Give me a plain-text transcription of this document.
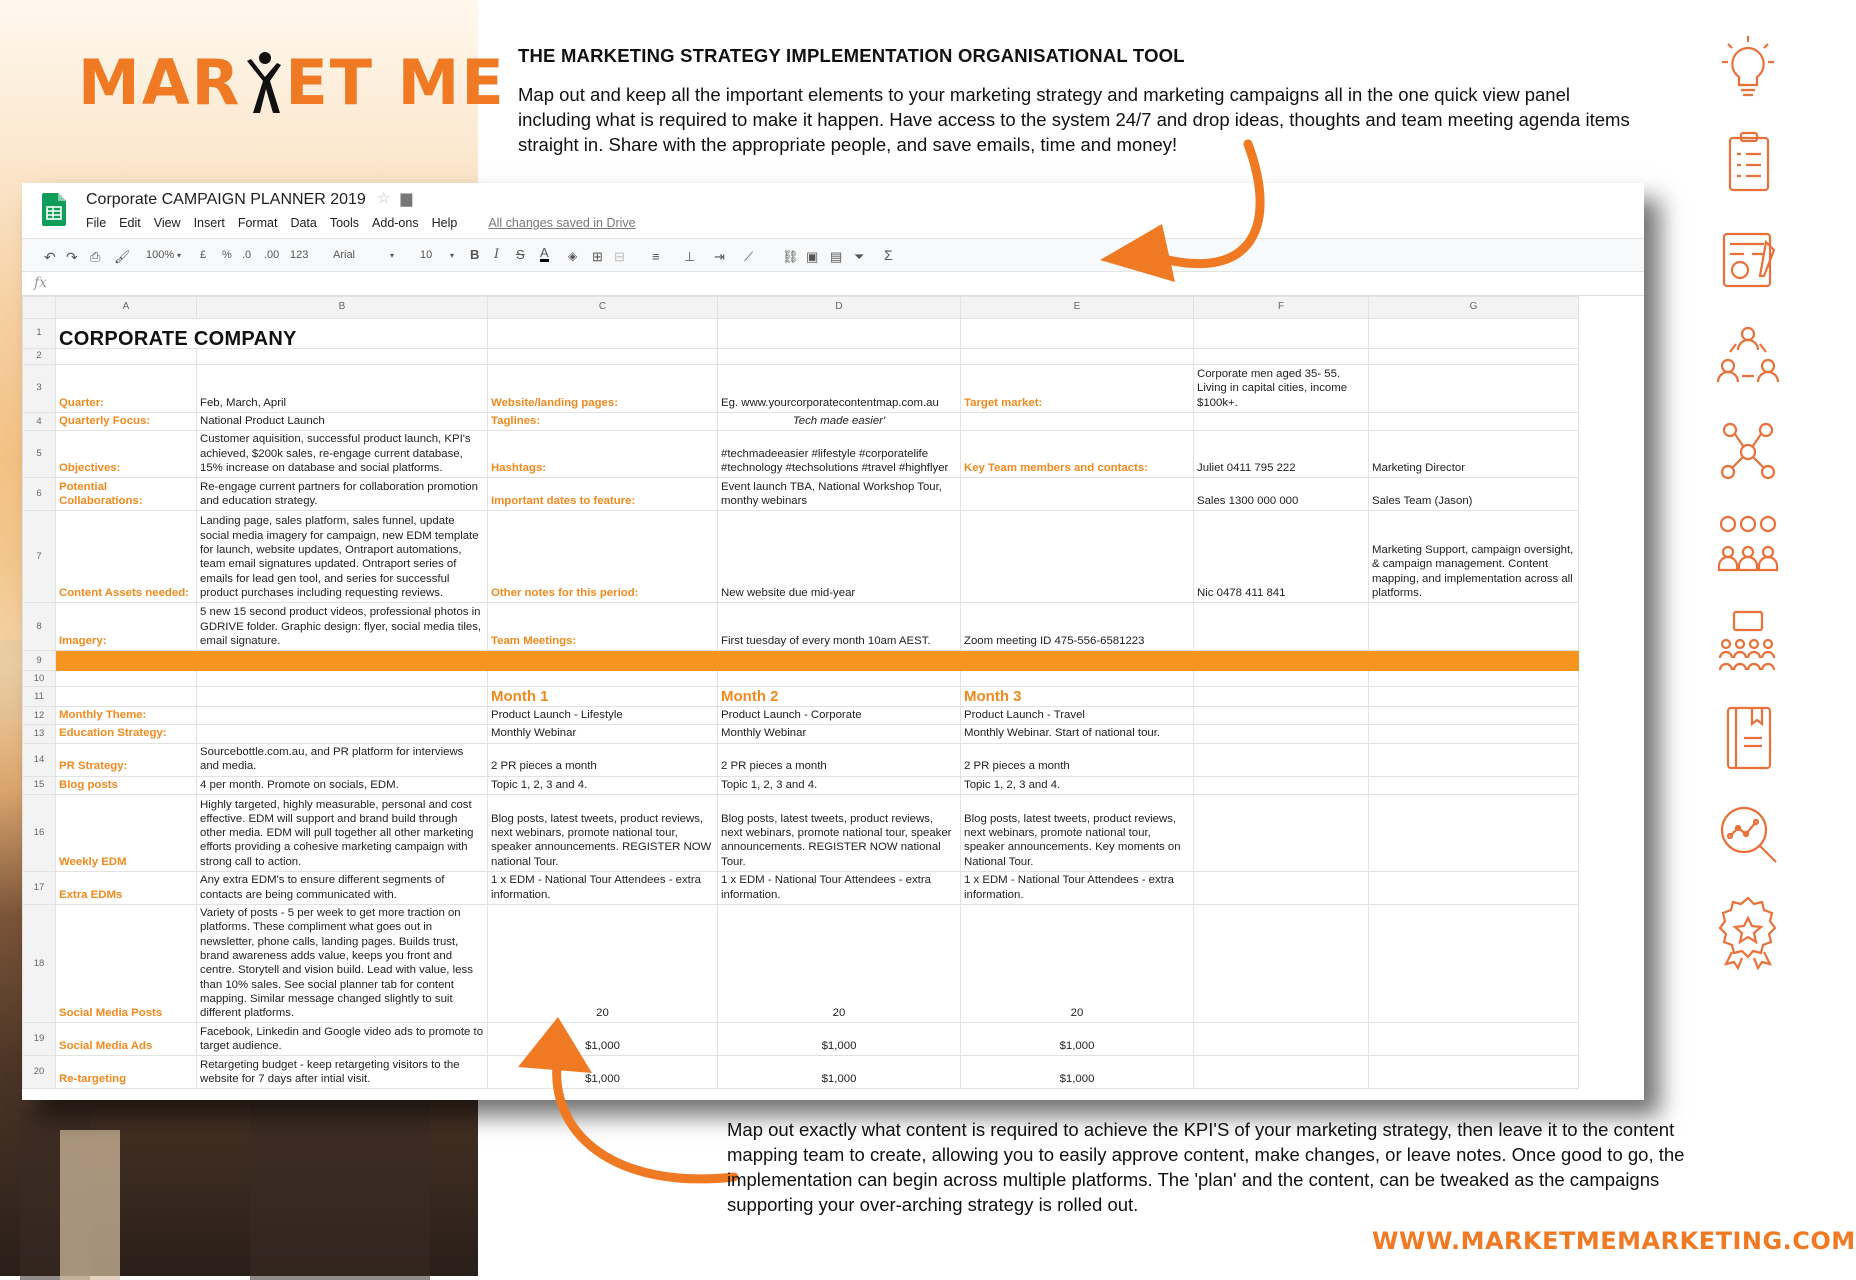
MAR ET ME THE MARKETING STRATEGY IMPLEMENTATION ORGANISATIONAL TOOL
Map out and keep all the important elements to your marketing strategy and marketing campaigns all in the one quick view panel including what is required to make it happen. Have access to the system 24/7 and drop ideas, thoughts and team meeting agenda items straight in. Share with the appropriate people, and save emails, time and money!
Corporate CAMPAIGN PLANNER 2019 ☆ ▆
File Edit View Insert Format Data Tools Add-ons Help All changes saved in Drive
↶ ↷ ⎙ 🖌 100% ▾ £ % .0 .00 123 Arial	▾ 10 ▾ B I S A ◈ ⊞ ⊟ ≡ ⊥ ⇥ ⟋ ⛓ ▣ ▤ ⏷ Σ
fx
	A	B	C	D	E	F	G
1	CORPORATE COMPANY						
2							
3	Quarter:	Feb, March, April	Website/landing pages:	Eg. www.yourcorporatecontentmap.com.au	Target market:	Corporate men aged 35- 55. Living in capital cities, income $100k+.	
4	Quarterly Focus:	National Product Launch	Taglines:	Tech made easier'			
5	Objectives:	Customer aquisition, successful product launch, KPI's achieved, $200k sales, re-engage current database, 15% increase on database and social platforms.	Hashtags:	#techmadeeasier #lifestyle #corporatelife #technology #techsolutions #travel #highflyer	Key Team members and contacts:	Juliet 0411 795 222	Marketing Director
6	Potential Collaborations:	Re-engage current partners for collaboration promotion and education strategy.	Important dates to feature:	Event launch TBA, National Workshop Tour, monthy webinars		Sales 1300 000 000	Sales Team (Jason)
7	Content Assets needed:	Landing page, sales platform, sales funnel, update social media imagery for campaign, new EDM template for launch, website updates, Ontraport automations, team email signatures updated. Ontraport series of emails for lead gen tool, and series for successful product purchases including requesting reviews.	Other notes for this period:	New website due mid-year		Nic 0478 411 841	Marketing Support, campaign oversight, & campaign management. Content mapping, and implementation across all platforms.
8	Imagery:	5 new 15 second product videos, professional photos in GDRIVE folder. Graphic design: flyer, social media tiles, email signature.	Team Meetings:	First tuesday of every month 10am AEST.	Zoom meeting ID 475-556-6581223		
9							
10							
11			Month 1	Month 2	Month 3		
12	Monthly Theme:		Product Launch - Lifestyle	Product Launch - Corporate	Product Launch - Travel		
13	Education Strategy:		Monthly Webinar	Monthly Webinar	Monthly Webinar. Start of national tour.		
14	PR Strategy:	Sourcebottle.com.au, and PR platform for interviews and media.	2 PR pieces a month	2 PR pieces a month	2 PR pieces a month		
15	Blog posts	4 per month. Promote on socials, EDM.	Topic 1, 2, 3 and 4.	Topic 1, 2, 3 and 4.	Topic 1, 2, 3 and 4.		
16	Weekly EDM	Highly targeted, highly measurable, personal and cost effective. EDM will support and brand build through other media. EDM will pull together all other marketing efforts providing a cohesive marketing campaign with strong call to action.	Blog posts, latest tweets, product reviews, next webinars, promote national tour, speaker announcements. REGISTER NOW national Tour.	Blog posts, latest tweets, product reviews, next webinars, promote national tour, speaker announcements. REGISTER NOW national Tour.	Blog posts, latest tweets, product reviews, next webinars, promote national tour, speaker announcements. Key moments on National Tour.		
17	Extra EDMs	Any extra EDM's to ensure different segments of contacts are being communicated with.	1 x EDM - National Tour Attendees - extra information.	1 x EDM - National Tour Attendees - extra information.	1 x EDM - National Tour Attendees - extra information.		
18	Social Media Posts	Variety of posts - 5 per week to get more traction on platforms. These compliment what goes out in newsletter, phone calls, landing pages. Builds trust, brand awareness adds value, keeps you front and centre. Storytell and vision build. Lead with value, less than 10% sales. See social planner tab for content mapping. Similar message changed slightly to suit different platforms.	20	20	20		
19	Social Media Ads	Facebook, Linkedin and Google video ads to promote to target audience.	$1,000	$1,000	$1,000		
20	Re-targeting	Retargeting budget - keep retargeting visitors to the website for 7 days after intial visit.	$1,000	$1,000	$1,000		
Map out exactly what content is required to achieve the KPI'S of your marketing strategy, then leave it to the content mapping team to create, allowing you to easily approve content, make changes, or leave notes. Once good to go, the implementation can begin across multiple platforms. The 'plan' and the content, can be tweaked as the campaigns supporting your over-arching strategy is rolled out.
WWW.MARKETMEMARKETING.COM
